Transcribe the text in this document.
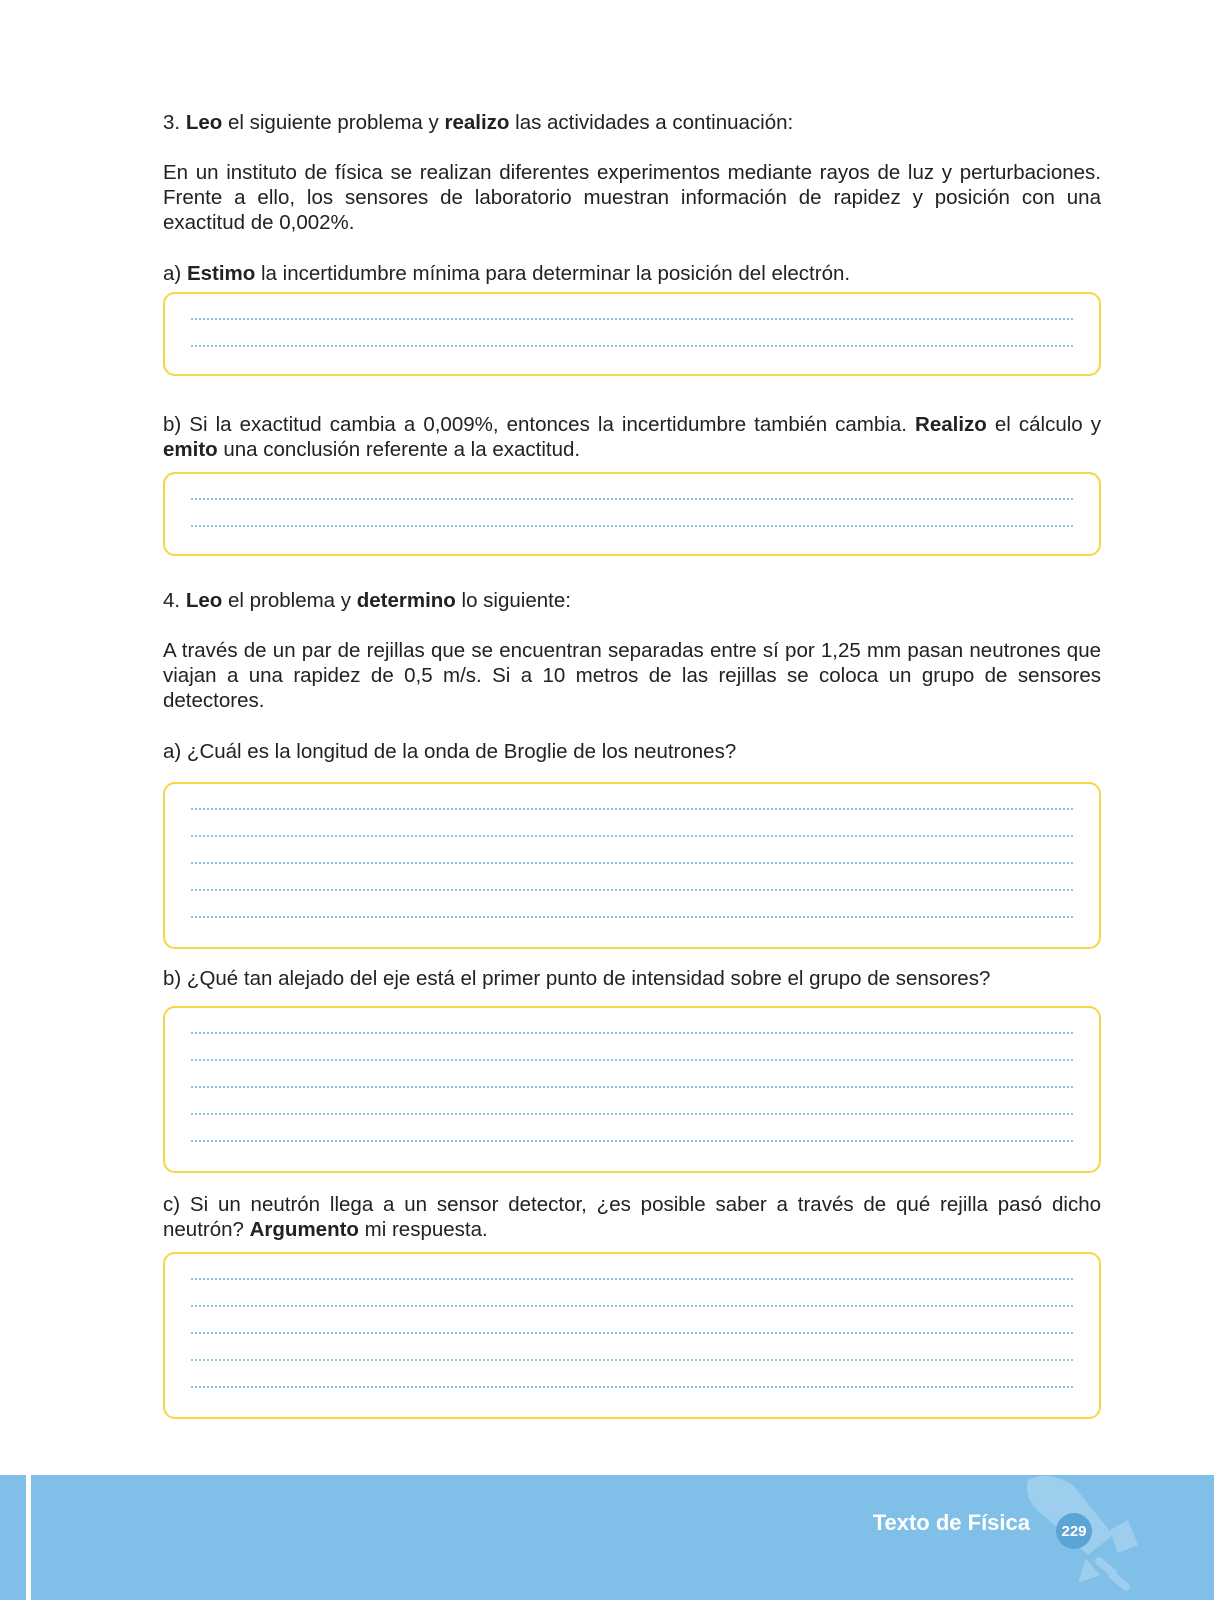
3. Leo el siguiente problema y realizo las actividades a continuación:

En un instituto de física se realizan diferentes experimentos mediante rayos de luz y perturbaciones. Frente a ello, los sensores de laboratorio muestran información de rapidez y posición con una exactitud de 0,002%.

a) Estimo la incertidumbre mínima para determinar la posición del electrón.

b) Si la exactitud cambia a 0,009%, entonces la incertidumbre también cambia. Realizo el cálculo y emito una conclusión referente a la exactitud.

4. Leo el problema y determino lo siguiente:

A través de un par de rejillas que se encuentran separadas entre sí por 1,25 mm pasan neutrones que viajan a una rapidez de 0,5 m/s. Si a 10 metros de las rejillas se coloca un grupo de sensores detectores.

a) ¿Cuál es la longitud de la onda de Broglie de los neutrones?

b) ¿Qué tan alejado del eje está el primer punto de intensidad sobre el grupo de sensores?

c) Si un neutrón llega a un sensor detector, ¿es posible saber a través de qué rejilla pasó dicho neutrón? Argumento mi respuesta.

Texto de Física	229
